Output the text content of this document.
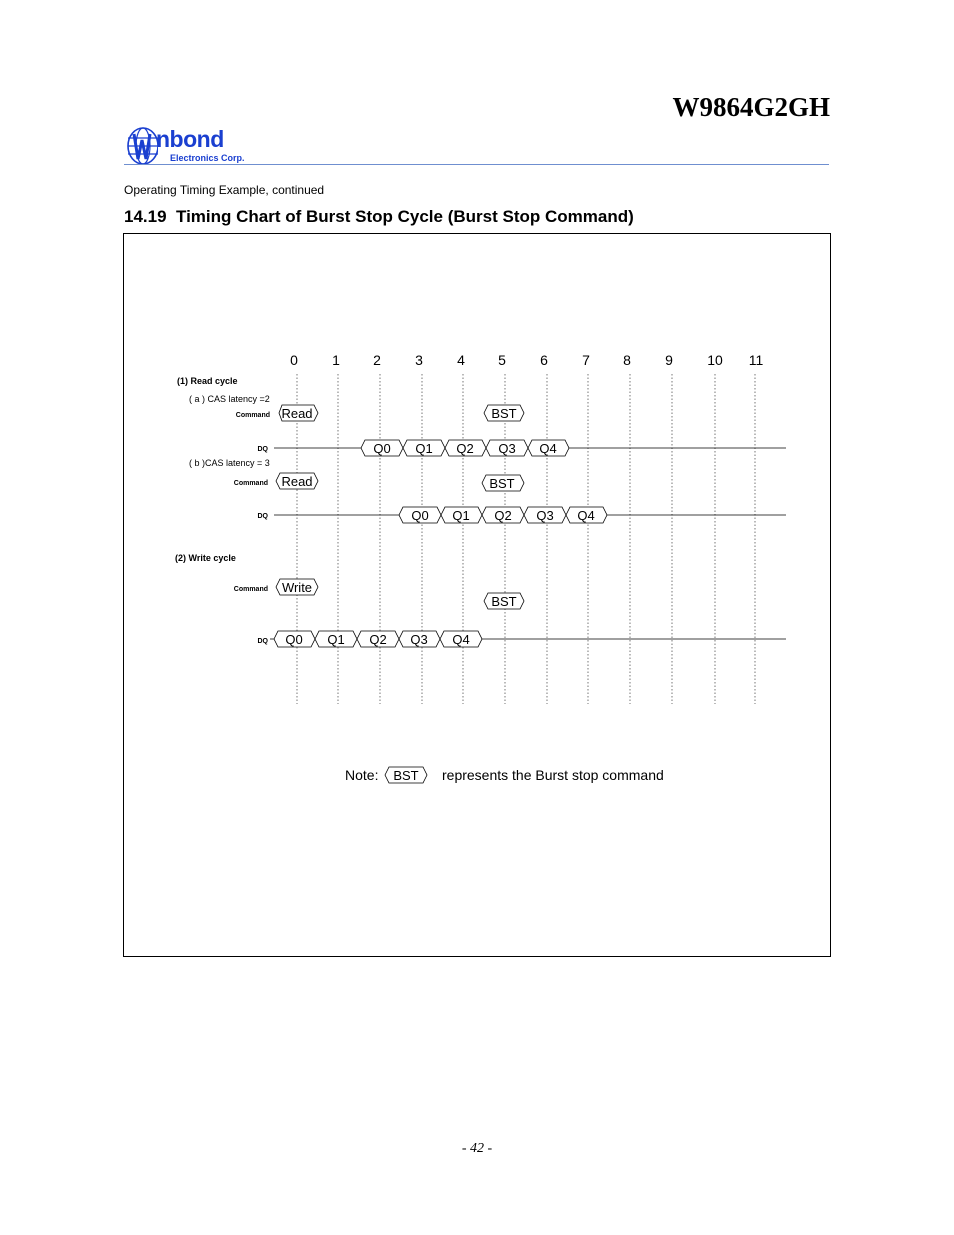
W9864G2GH
nbond
Electronics Corp.

Operating Timing Example, continued

14.19 Timing Chart of Burst Stop Cycle (Burst Stop Command)
0 1 2 3 4 5 6 7 8 9 10 11
(1) Read cycle
( a ) CAS latency =2
Command
DQ
Read	BST
Q0 Q1 Q2 Q3 Q4
( b )CAS latency = 3
Command
DQ
Read	BST
Q0 Q1 Q2 Q3 Q4
(2) Write cycle
Command
DQ
Write
BST
Q0 Q1 Q2 Q3 Q4
Note: BST represents the Burst stop command
- 42 -
